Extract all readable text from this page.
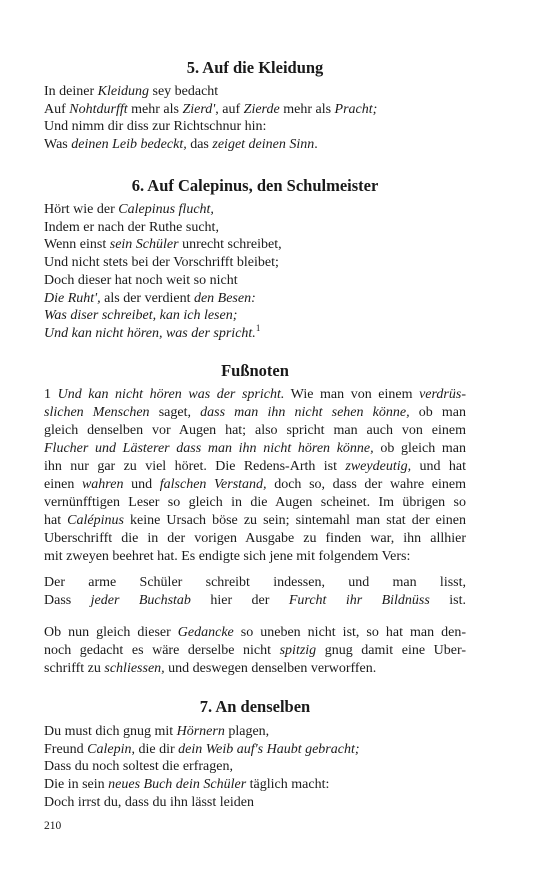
5. Auf die Kleidung
In deiner Kleidung sey bedacht
Auf Nohtdurfft mehr als Zierd', auf Zierde mehr als Pracht;
Und nimm dir diss zur Richtschnur hin:
Was deinen Leib bedeckt, das zeiget deinen Sinn.
6. Auf Calepinus, den Schulmeister
Hört wie der Calepinus flucht,
Indem er nach der Ruthe sucht,
Wenn einst sein Schüler unrecht schreibet,
Und nicht stets bei der Vorschrifft bleibet;
Doch dieser hat noch weit so nicht
Die Ruht', als der verdient den Besen:
Was diser schreibet, kan ich lesen;
Und kan nicht hören, was der spricht.$^1$
Fußnoten
1 Und kan nicht hören was der spricht. Wie man von einem verdrüs-
slichen Menschen saget, dass man ihn nicht sehen könne, ob man
gleich denselben vor Augen hat; also spricht man auch von einem
Flucher und Lästerer dass man ihn nicht hören könne, ob gleich man
ihn nur gar zu viel höret. Die Redens-Arth ist zweydeutig, und hat
einen wahren und falschen Verstand, doch so, dass der wahre einem
vernünfftigen Leser so gleich in die Augen scheinet. Im übrigen so
hat Calépinus keine Ursach böse zu sein; sintemahl man stat der einen
Uberschrifft die in der vorigen Ausgabe zu finden war, ihn allhier
mit zweyen beehret hat. Es endigte sich jene mit folgendem Vers:
Der arme Schüler schreibt indessen, und man lisst,
Dass jeder Buchstab hier der Furcht ihr Bildnüss ist.
Ob nun gleich dieser Gedancke so uneben nicht ist, so hat man den-
noch gedacht es wäre derselbe nicht spitzig gnug damit eine Uber-
schrifft zu schliessen, und deswegen denselben verworffen.
7. An denselben
Du must dich gnug mit Hörnern plagen,
Freund Calepin, die dir dein Weib auf's Haubt gebracht;
Dass du noch soltest die erfragen,
Die in sein neues Buch dein Schüler täglich macht:
Doch irrst du, dass du ihn lässt leiden
210
